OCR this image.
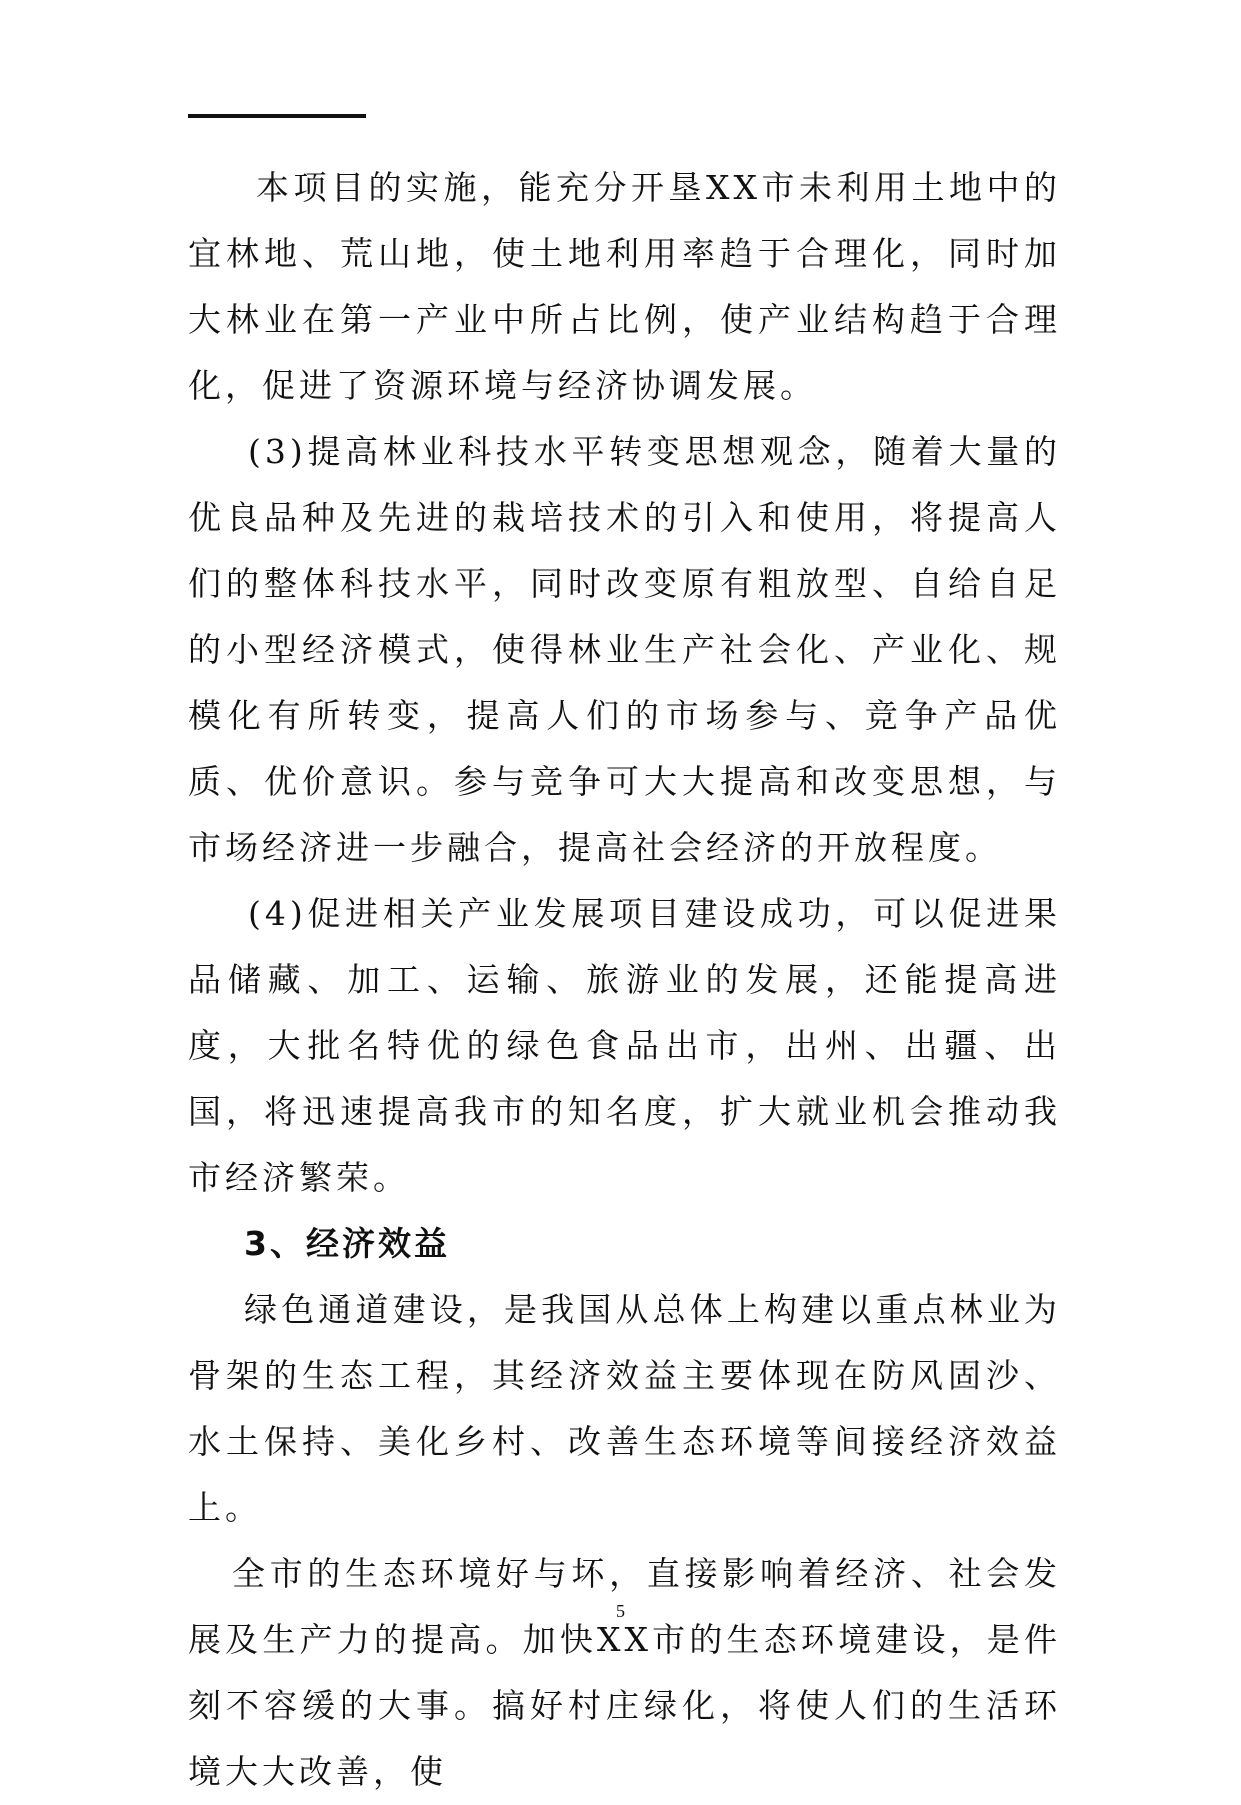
本项目的实施，能充分开垦XX市未利用土地中的宜林地、荒山地，使土地利用率趋于合理化，同时加大林业在第一产业中所占比例，使产业结构趋于合理化，促进了资源环境与经济协调发展。

(3)提高林业科技水平转变思想观念，随着大量的优良品种及先进的栽培技术的引入和使用，将提高人们的整体科技水平，同时改变原有粗放型、自给自足的小型经济模式，使得林业生产社会化、产业化、规模化有所转变，提高人们的市场参与、竞争产品优质、优价意识。参与竞争可大大提高和改变思想，与市场经济进一步融合，提高社会经济的开放程度。

(4)促进相关产业发展项目建设成功，可以促进果品储藏、加工、运输、旅游业的发展，还能提高进度，大批名特优的绿色食品出市，出州、出疆、出国，将迅速提高我市的知名度，扩大就业机会推动我市经济繁荣。

3、经济效益

绿色通道建设，是我国从总体上构建以重点林业为骨架的生态工程，其经济效益主要体现在防风固沙、水土保持、美化乡村、改善生态环境等间接经济效益上。

全市的生态环境好与坏，直接影响着经济、社会发展及生产力的提高。加快XX市的生态环境建设，是件刻不容缓的大事。搞好村庄绿化，将使人们的生活环境大大改善，使

5
